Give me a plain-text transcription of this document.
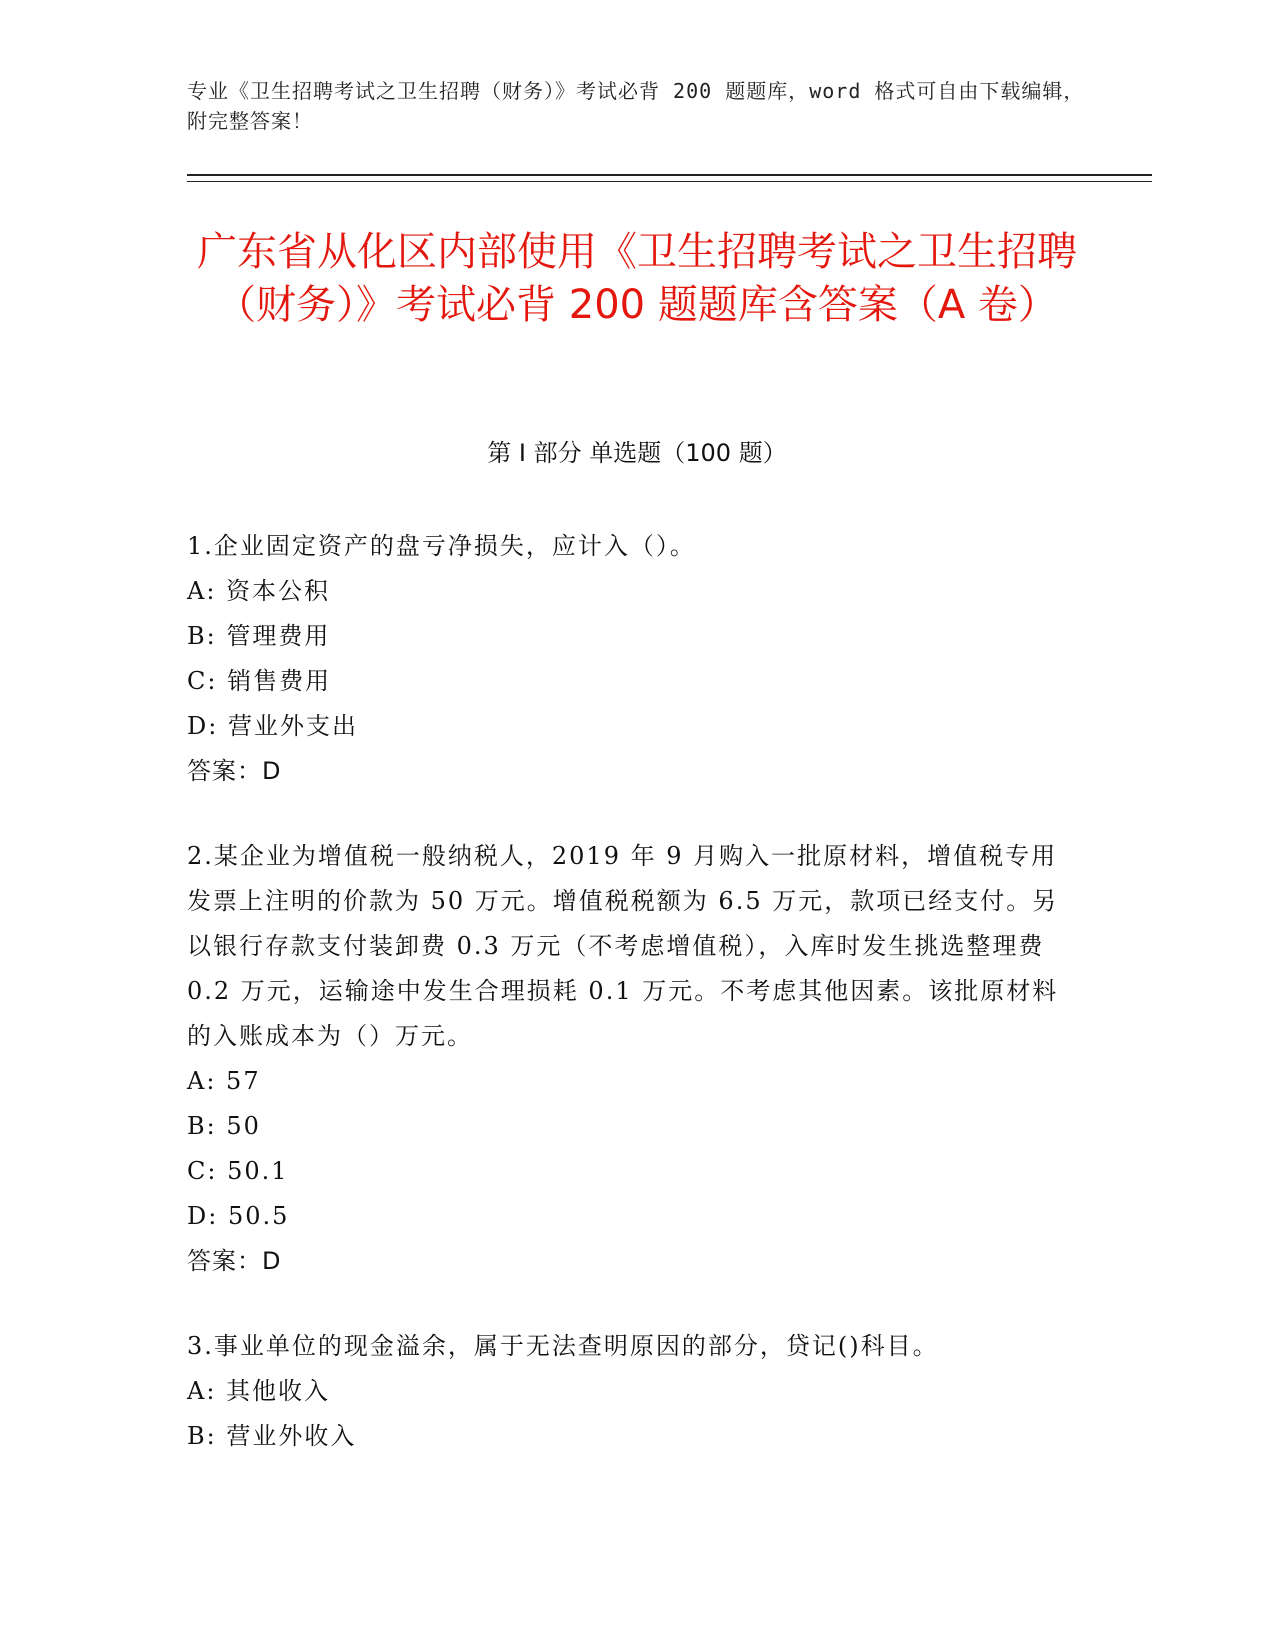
专业《卫生招聘考试之卫生招聘（财务）》考试必背 200 题题库，word 格式可自由下载编辑，附完整答案！
广东省从化区内部使用《卫生招聘考试之卫生招聘（财务）》考试必背 200 题题库含答案（A 卷）
第 I 部分 单选题（100 题）
1.企业固定资产的盘亏净损失，应计入（）。
A: 资本公积
B: 管理费用
C: 销售费用
D: 营业外支出
答案：D
2.某企业为增值税一般纳税人，2019 年 9 月购入一批原材料，增值税专用发票上注明的价款为 50 万元。增值税税额为 6.5 万元，款项已经支付。另以银行存款支付装卸费 0.3 万元（不考虑增值税），入库时发生挑选整理费 0.2 万元，运输途中发生合理损耗 0.1 万元。不考虑其他因素。该批原材料的入账成本为（）万元。
A: 57
B: 50
C: 50.1
D: 50.5
答案：D
3.事业单位的现金溢余，属于无法查明原因的部分，贷记()科目。
A: 其他收入
B: 营业外收入
